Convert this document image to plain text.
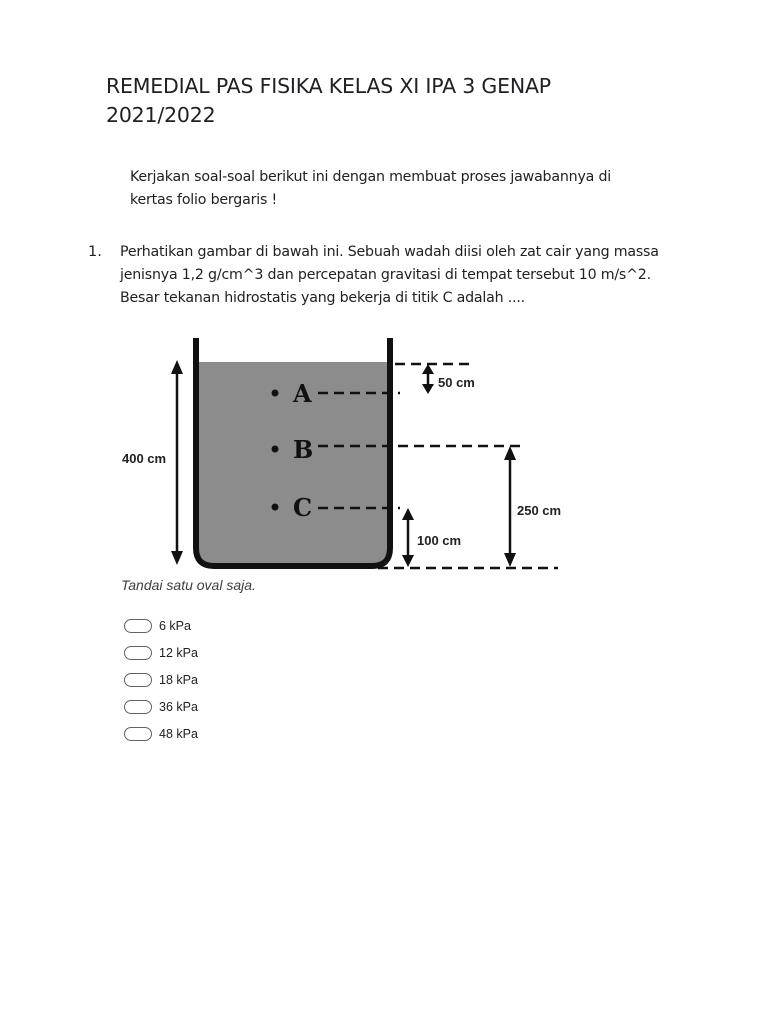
REMEDIAL PAS FISIKA KELAS XI IPA 3 GENAP 2021/2022
Kerjakan soal-soal berikut ini dengan membuat proses jawabannya di kertas folio bergaris !
1. Perhatikan gambar di bawah ini. Sebuah wadah diisi oleh zat cair yang massa jenisnya 1,2 g/cm^3 dan percepatan gravitasi di tempat tersebut 10 m/s^2. Besar tekanan hidrostatis yang bekerja di titik C adalah ....
400 cm
A
B
C
50 cm
250 cm
100 cm
Tandai satu oval saja.
6 kPa
12 kPa
18 kPa
36 kPa
48 kPa
